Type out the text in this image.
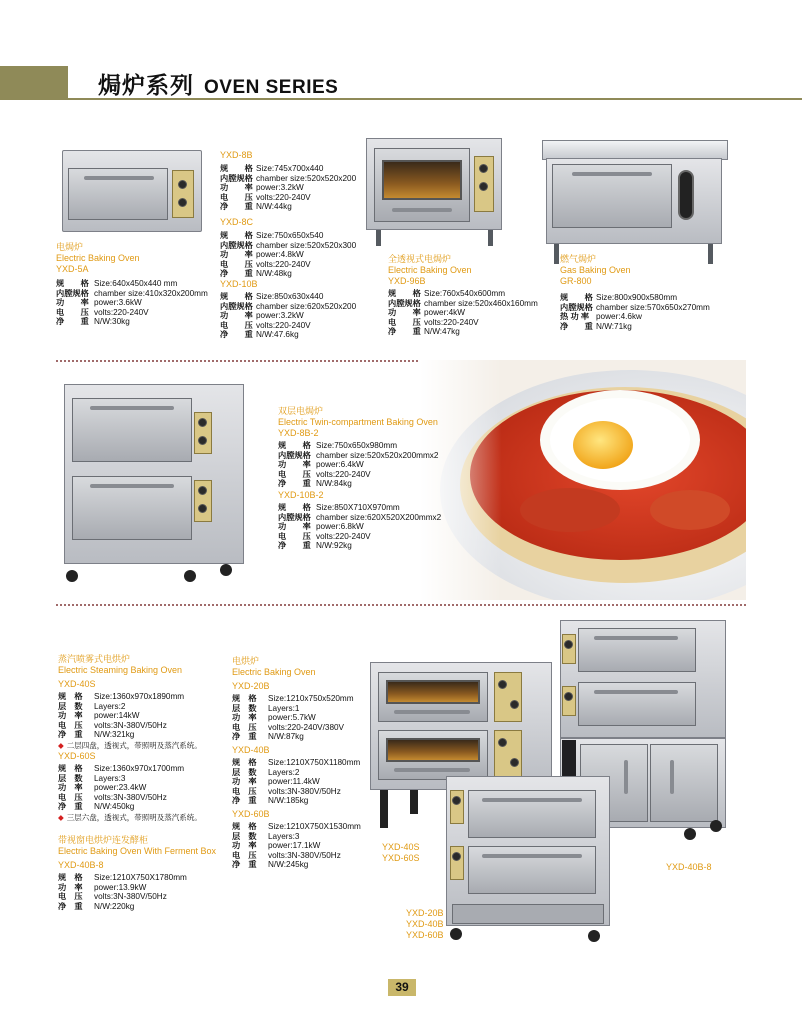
焗炉系列 OVEN SERIES
电焗炉
Electric Baking Oven
YXD-5A
规　　格 Size:640x450x440 mm
内膛规格 chamber size:410x320x200mm
功　　率 power:3.6kW
电　　压 volts:220-240V
净　　重 N/W:30kg
YXD-8B
规　　格 Size:745x700x440
内膛规格 chamber size:520x520x200
功　　率 power:3.2kW
电　　压 volts:220-240V
净　　重 N/W:44kg
YXD-8C
规　　格 Size:750x650x540
内膛规格 chamber size:520x520x300
功　　率 power:4.8kW
电　　压 volts:220-240V
净　　重 N/W:48kg
YXD-10B
规　　格 Size:850x630x440
内膛规格 chamber size:620x520x200
功　　率 power:3.2kW
电　　压 volts:220-240V
净　　重 N/W:47.6kg
全透视式电焗炉
Electric Baking Oven
YXD-96B
规　　格 Size:760x540x600mm
内膛规格 chamber size:520x460x160mm
功　　率 power:4kW
电　　压 volts:220-240V
净　　重 N/W:47kg
燃气焗炉
Gas Baking Oven
GR-800
规　　格 Size:800x900x580mm
内膛规格 chamber size:570x650x270mm
热 功 率 power:4.6kw
净　　重 N/W:71kg
双层电焗炉
Electric Twin-compartment Baking Oven
YXD-8B-2
规　　格 Size:750x650x980mm
内膛规格 chamber size:520x520x200mmx2
功　　率 power:6.4kW
电　　压 volts:220-240V
净　　重 N/W:84kg
YXD-10B-2
规　　格 Size:850X710X970mm
内膛规格 chamber size:620X520X200mmx2
功　　率 power:6.8kW
电　　压 volts:220-240V
净　　重 N/W:92kg
蒸汽喷雾式电烘炉
Electric Steaming Baking Oven
YXD-40S
规　格	Size:1360x970x1890mm
层　数	Layers:2
功　率	power:14kW
电　压	volts:3N-380V/50Hz
净　重	N/W:321kg
◆ 二层四盘，透视式，带照明及蒸汽系统。
YXD-60S
规　格	Size:1360x970x1700mm
层　数	Layers:3
功　率	power:23.4kW
电　压	volts:3N-380V/50Hz
净　重	N/W:450kg
◆ 三层六盘，透视式，带照明及蒸汽系统。
带视窗电烘炉连发酵柜
Electric Baking Oven With Ferment Box
YXD-40B-8
规　格	Size:1210X750X1780mm
功　率	power:13.9kW
电　压	volts:3N-380V/50Hz
净　重	N/W:220kg
电烘炉
Electric Baking Oven
YXD-20B
规　格	Size:1210x750x520mm
层　数	Layers:1
功　率	power:5.7kW
电　压	volts:220-240V/380V
净　重	N/W:87kg
YXD-40B
规　格	Size:1210X750X1180mm
层　数	Layers:2
功　率	power:11.4kW
电　压	volts:3N-380V/50Hz
净　重	N/W:185kg
YXD-60B
规　格	Size:1210X750X1530mm
层　数	Layers:3
功　率	power:17.1kW
电　压	volts:3N-380V/50Hz
净　重	N/W:245kg
YXD-40S
YXD-60S
YXD-40B-8
YXD-20B
YXD-40B
YXD-60B
39
